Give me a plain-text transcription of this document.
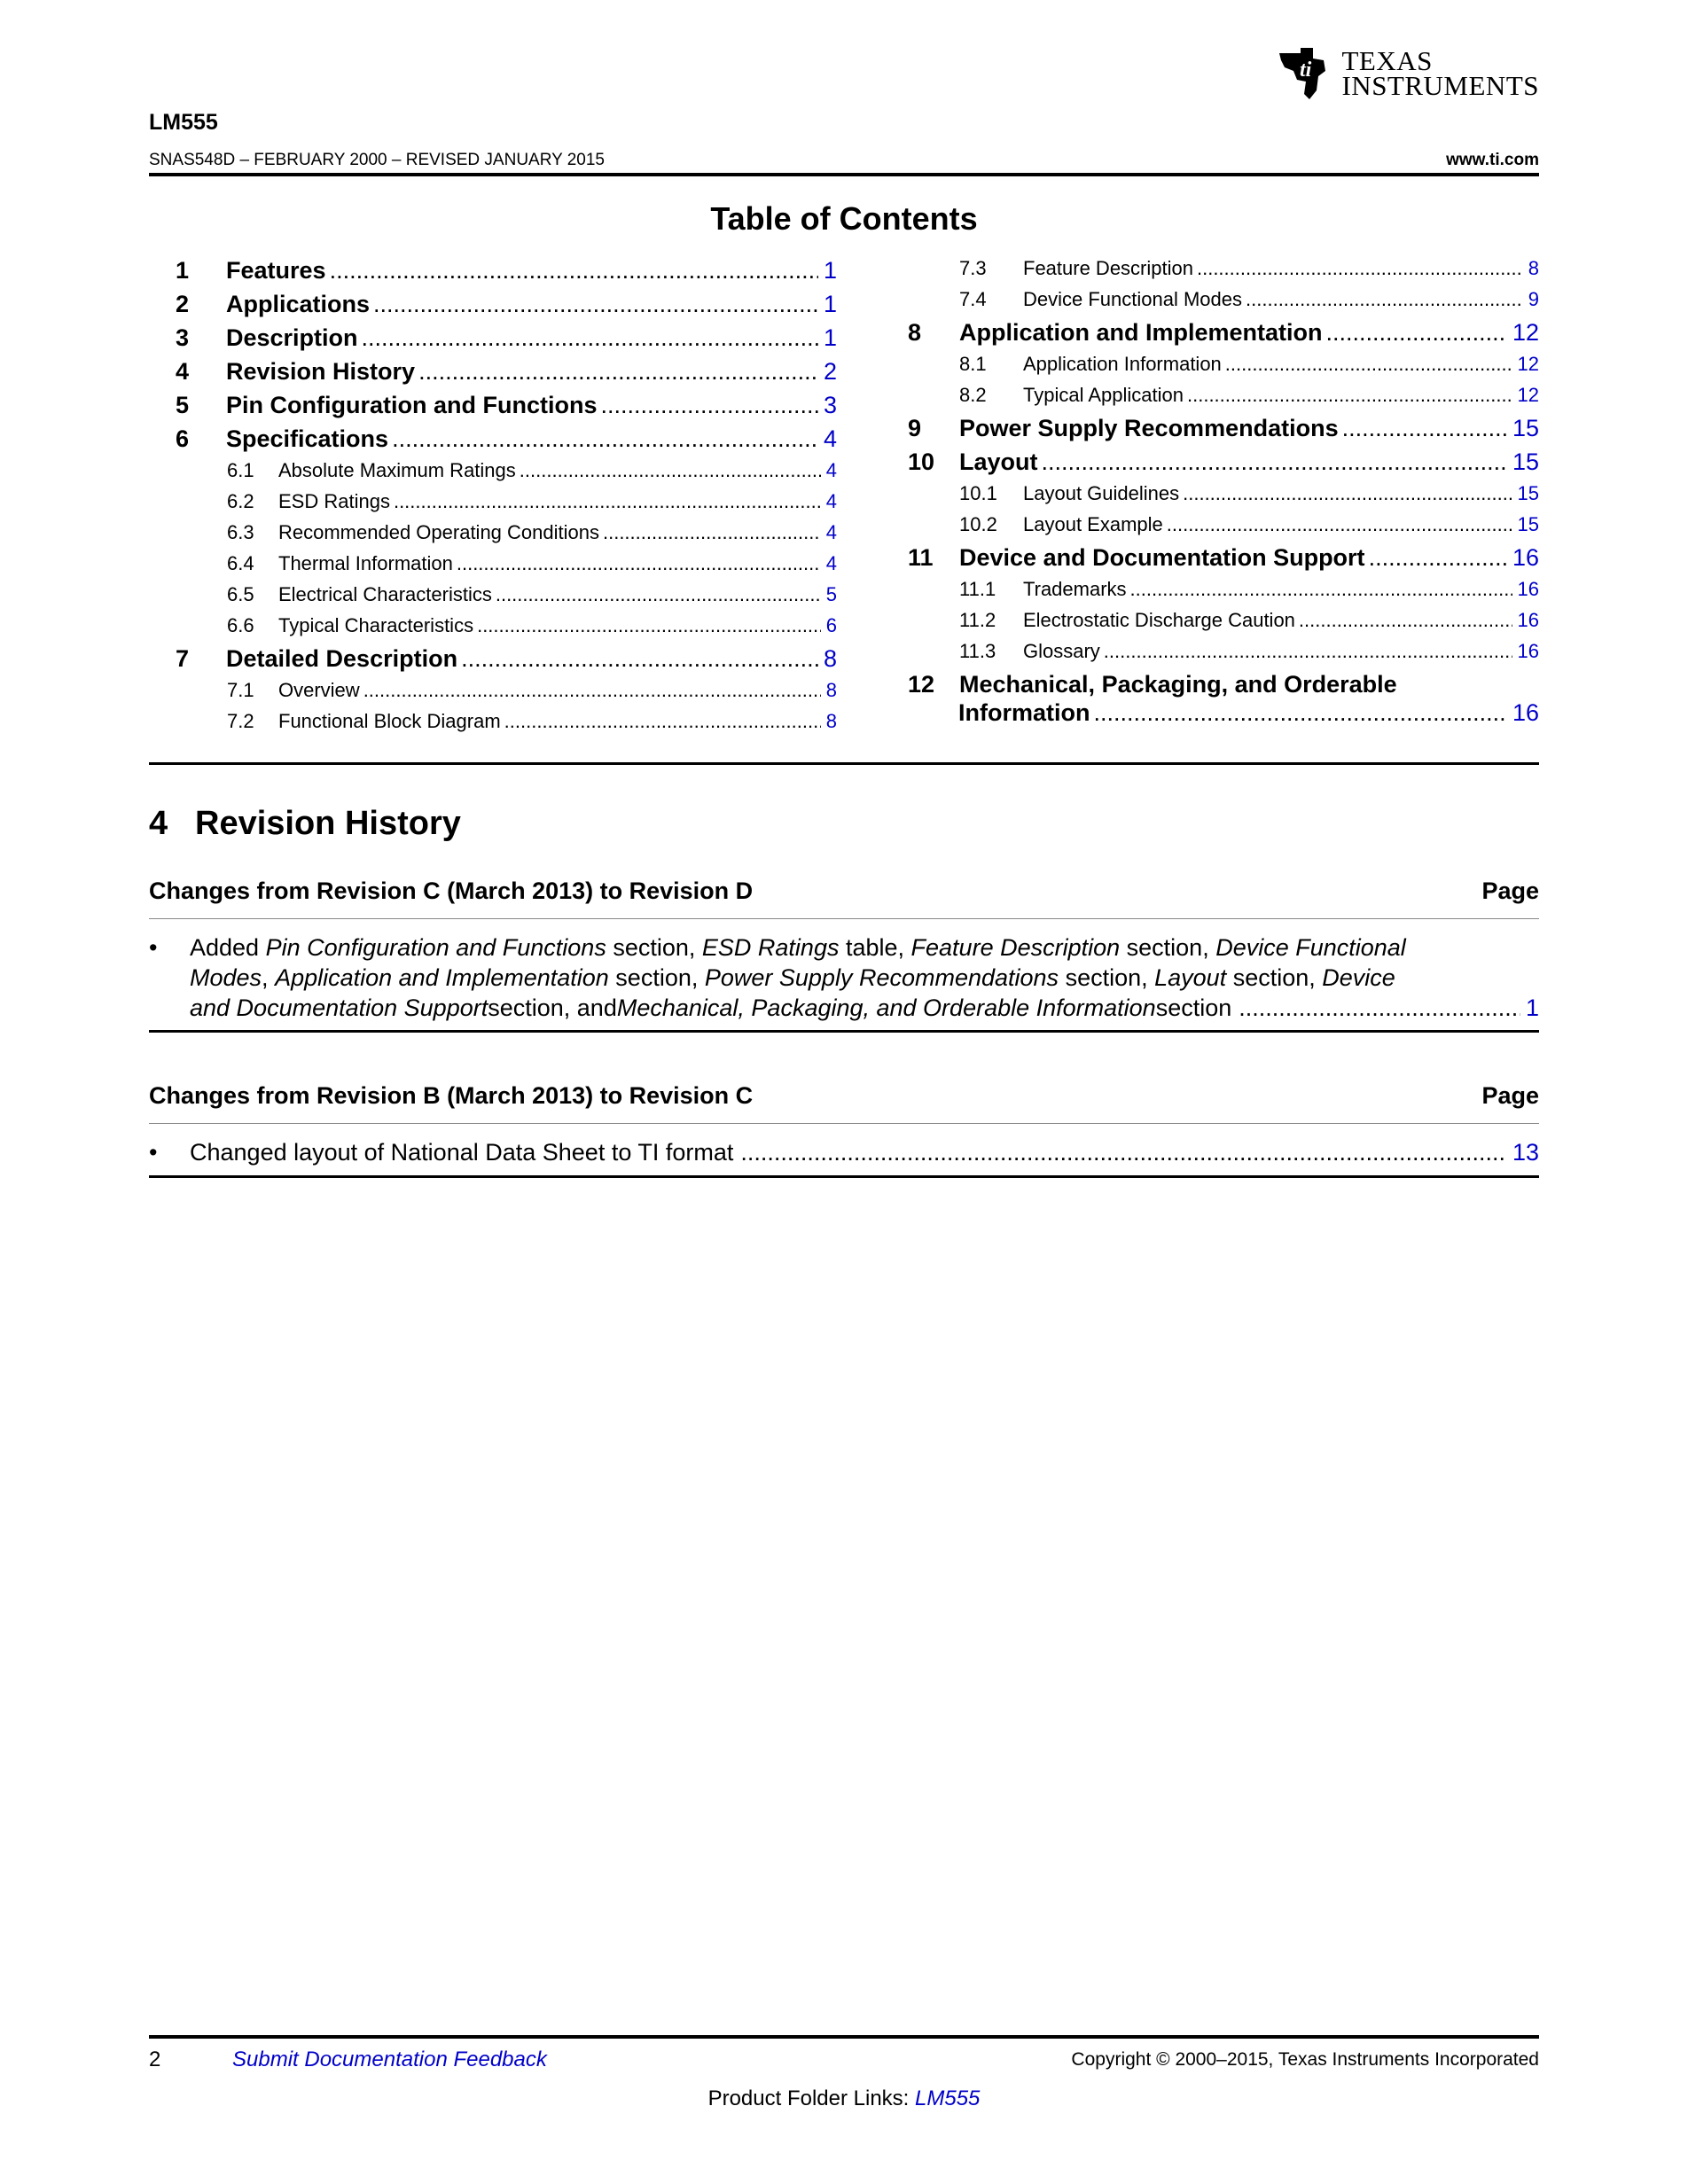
ti TEXAS
INSTRUMENTS
LM555
SNAS548D – FEBRUARY 2000 – REVISED JANUARY 2015	www.ti.com
Table of Contents
1	Features .....	1
2	Applications .....	1
3	Description .....	1
4	Revision History .....	2
5	Pin Configuration and Functions .....	3
6	Specifications .....	4
6.1	Absolute Maximum Ratings .....	4
6.2	ESD Ratings .....	4
6.3	Recommended Operating Conditions .....	4
6.4	Thermal Information .....	4
6.5	Electrical Characteristics .....	5
6.6	Typical Characteristics .....	6
7	Detailed Description .....	8
7.1	Overview .....	8
7.2	Functional Block Diagram .....	8
7.3	Feature Description .....	8
7.4	Device Functional Modes .....	9
8	Application and Implementation .....	12
8.1	Application Information .....	12
8.2	Typical Application .....	12
9	Power Supply Recommendations .....	15
10	Layout .....	15
10.1	Layout Guidelines .....	15
10.2	Layout Example .....	15
11	Device and Documentation Support .....	16
11.1	Trademarks .....	16
11.2	Electrostatic Discharge Caution .....	16
11.3	Glossary .....	16
12	Mechanical, Packaging, and Orderable
Information .....	16
4 Revision History
Changes from Revision C (March 2013) to Revision D	Page
• Added Pin Configuration and Functions section, ESD Ratings table, Feature Description section, Device Functional
Modes, Application and Implementation section, Power Supply Recommendations section, Layout section, Device
and Documentation Support section, and Mechanical, Packaging, and Orderable Information section .....	1
Changes from Revision B (March 2013) to Revision C	Page
• Changed layout of National Data Sheet to TI format .....	13
2	Submit Documentation Feedback	Copyright © 2000–2015, Texas Instruments Incorporated
Product Folder Links: LM555
